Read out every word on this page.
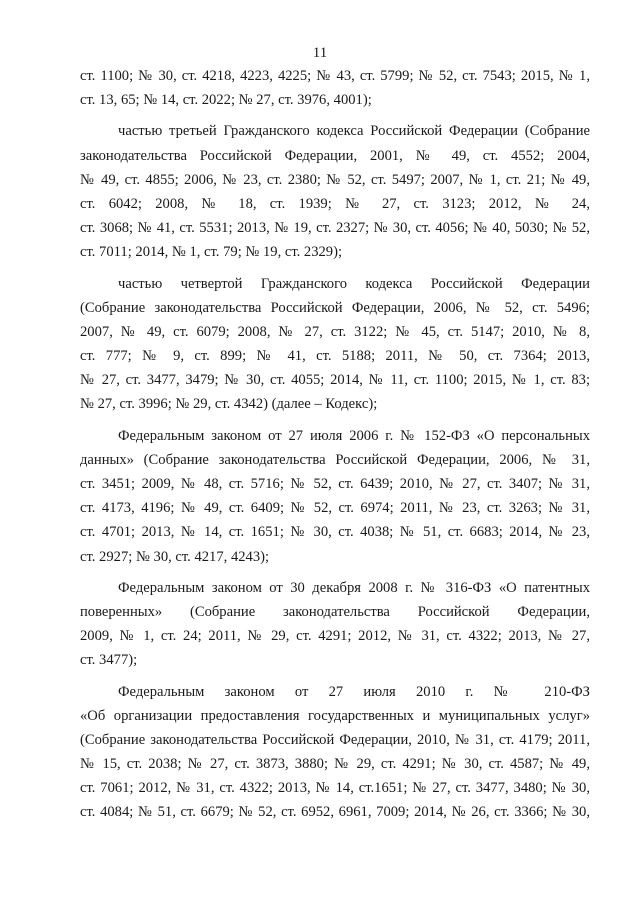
11
ст. 1100; № 30, ст. 4218, 4223, 4225; № 43, ст. 5799; № 52, ст. 7543; 2015, № 1,
ст. 13, 65; № 14, ст. 2022; № 27, ст. 3976, 4001);
частью третьей Гражданского кодекса Российской Федерации (Собрание
законодательства Российской Федерации, 2001, № 49, ст. 4552; 2004,
№ 49, ст. 4855; 2006, № 23, ст. 2380; № 52, ст. 5497; 2007, № 1, ст. 21; № 49,
ст. 6042; 2008, № 18, ст. 1939; № 27, ст. 3123; 2012, № 24,
ст. 3068; № 41, ст. 5531; 2013, № 19, ст. 2327; № 30, ст. 4056; № 40, 5030; № 52,
ст. 7011; 2014, № 1, ст. 79; № 19, ст. 2329);
частью четвертой Гражданского кодекса Российской Федерации
(Собрание законодательства Российской Федерации, 2006, № 52, ст. 5496;
2007, № 49, ст. 6079; 2008, № 27, ст. 3122; № 45, ст. 5147; 2010, № 8,
ст. 777; № 9, ст. 899; № 41, ст. 5188; 2011, № 50, ст. 7364; 2013,
№ 27, ст. 3477, 3479; № 30, ст. 4055; 2014, № 11, ст. 1100; 2015, № 1, ст. 83;
№ 27, ст. 3996; № 29, ст. 4342) (далее – Кодекс);
Федеральным законом от 27 июля 2006 г. № 152-ФЗ «О персональных
данных» (Собрание законодательства Российской Федерации, 2006, № 31,
ст. 3451; 2009, № 48, ст. 5716; № 52, ст. 6439; 2010, № 27, ст. 3407; № 31,
ст. 4173, 4196; № 49, ст. 6409; № 52, ст. 6974; 2011, № 23, ст. 3263; № 31,
ст. 4701; 2013, № 14, ст. 1651; № 30, ст. 4038; № 51, ст. 6683; 2014, № 23,
ст. 2927; № 30, ст. 4217, 4243);
Федеральным законом от 30 декабря 2008 г. № 316-ФЗ «О патентных
поверенных» (Собрание законодательства Российской Федерации,
2009, № 1, ст. 24; 2011, № 29, ст. 4291; 2012, № 31, ст. 4322; 2013, № 27,
ст. 3477);
Федеральным законом от 27 июля 2010 г. № 210-ФЗ
«Об организации предоставления государственных и муниципальных услуг»
(Собрание законодательства Российской Федерации, 2010, № 31, ст. 4179; 2011,
№ 15, ст. 2038; № 27, ст. 3873, 3880; № 29, ст. 4291; № 30, ст. 4587; № 49,
ст. 7061; 2012, № 31, ст. 4322; 2013, № 14, ст.1651; № 27, ст. 3477, 3480; № 30,
ст. 4084; № 51, ст. 6679; № 52, ст. 6952, 6961, 7009; 2014, № 26, ст. 3366; № 30,
